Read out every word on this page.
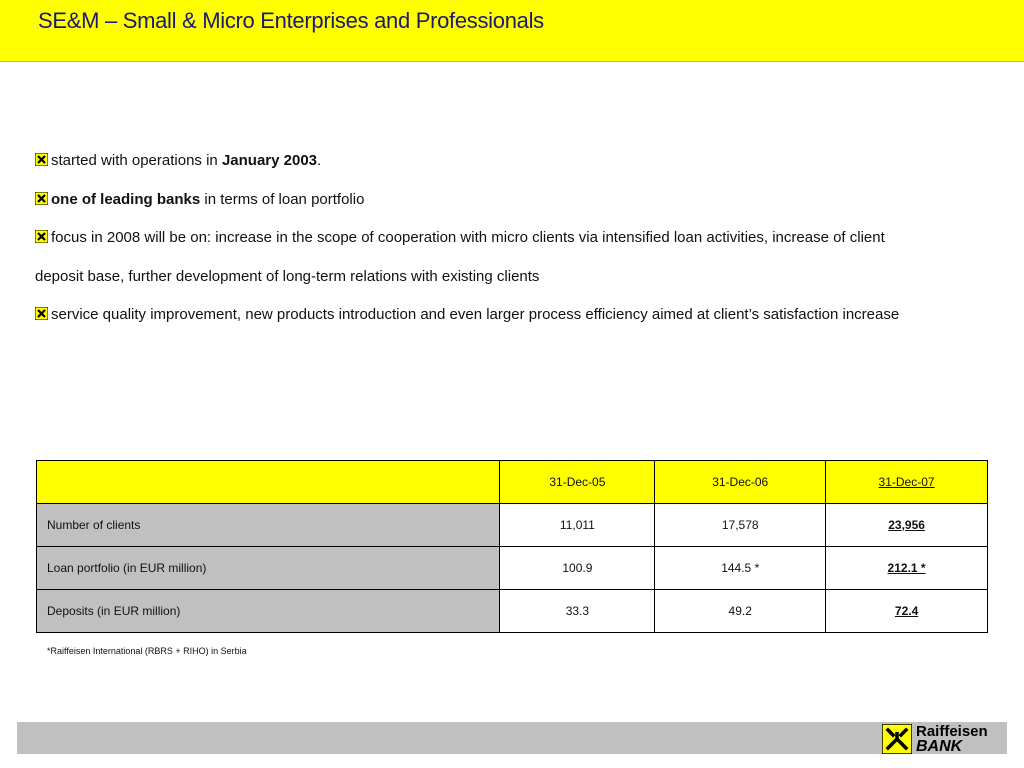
SE&M – Small & Micro Enterprises and Professionals
started with operations in January 2003.
one of leading banks in terms of loan portfolio
focus in 2008 will be on: increase in the scope of cooperation with micro clients via intensified loan activities, increase of client
deposit base, further development of long-term relations with existing clients
service quality improvement, new products introduction and even larger process efficiency aimed at client’s satisfaction increase
	31-Dec-05	31-Dec-06	31-Dec-07
Number of clients	11,011	17,578	23,956
Loan portfolio (in EUR million)	100.9	144.5 *	212.1 *
Deposits (in EUR million)	33.3	49.2	72.4
*Raiffeisen International (RBRS + RIHO) in Serbia
Raiffeisen
BANK
